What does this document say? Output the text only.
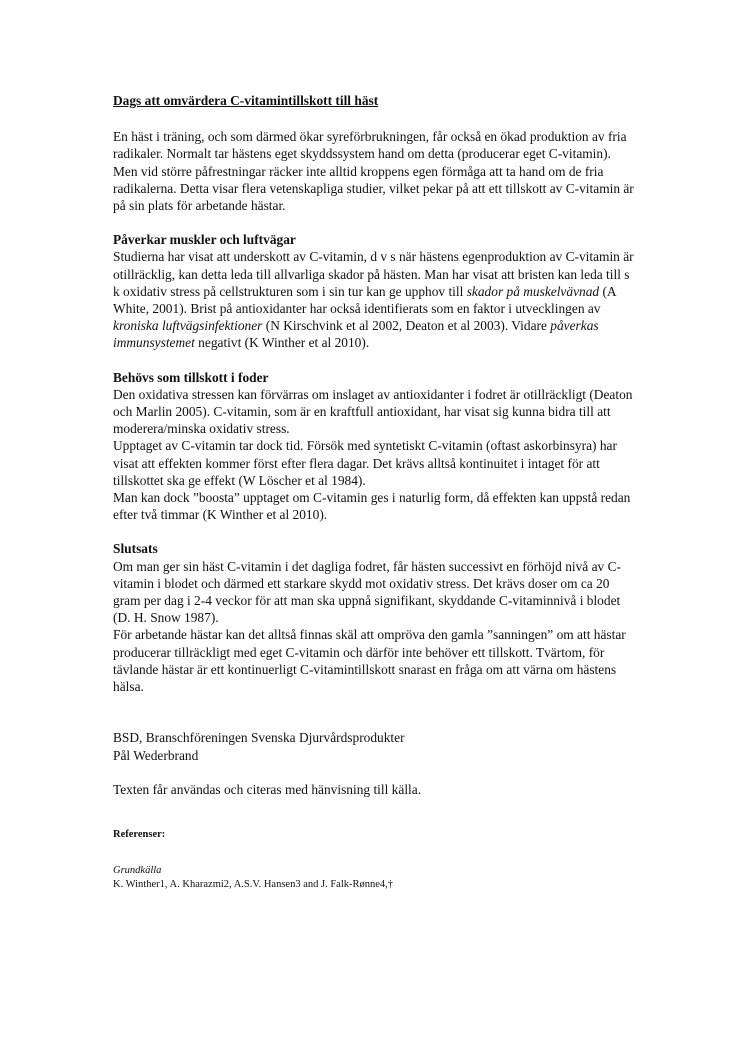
Dags att omvärdera C-vitamintillskott till häst

En häst i träning, och som därmed ökar syreförbrukningen, får också en ökad produktion av fria radikaler. Normalt tar hästens eget skyddssystem hand om detta (producerar eget C-vitamin). Men vid större påfrestningar räcker inte alltid kroppens egen förmåga att ta hand om de fria radikalerna. Detta visar flera vetenskapliga studier, vilket pekar på att ett tillskott av C-vitamin är på sin plats för arbetande hästar.

Påverkar muskler och luftvägar

Studierna har visat att underskott av C-vitamin, d v s när hästens egenproduktion av C-vitamin är otillräcklig, kan detta leda till allvarliga skador på hästen. Man har visat att bristen kan leda till s k oxidativ stress på cellstrukturen som i sin tur kan ge upphov till skador på muskelvävnad (A White, 2001). Brist på antioxidanter har också identifierats som en faktor i utvecklingen av kroniska luftvägsinfektioner (N Kirschvink et al 2002, Deaton et al 2003). Vidare påverkas immunsystemet negativt (K Winther et al 2010).

Behövs som tillskott i foder

Den oxidativa stressen kan förvärras om inslaget av antioxidanter i fodret är otillräckligt (Deaton och Marlin 2005). C-vitamin, som är en kraftfull antioxidant, har visat sig kunna bidra till att moderera/minska oxidativ stress.

Upptaget av C-vitamin tar dock tid. Försök med syntetiskt C-vitamin (oftast askorbinsyra) har visat att effekten kommer först efter flera dagar. Det krävs alltså kontinuitet i intaget för att tillskottet ska ge effekt (W Löscher et al 1984).

Man kan dock ”boosta” upptaget om C-vitamin ges i naturlig form, då effekten kan uppstå redan efter två timmar (K Winther et al 2010).

Slutsats

Om man ger sin häst C-vitamin i det dagliga fodret, får hästen successivt en förhöjd nivå av C-vitamin i blodet och därmed ett starkare skydd mot oxidativ stress. Det krävs doser om ca 20 gram per dag i 2-4 veckor för att man ska uppnå signifikant, skyddande C-vitaminnivå i blodet (D. H. Snow 1987).

För arbetande hästar kan det alltså finnas skäl att ompröva den gamla ”sanningen” om att hästar producerar tillräckligt med eget C-vitamin och därför inte behöver ett tillskott. Tvärtom, för tävlande hästar är ett kontinuerligt C-vitamintillskott snarast en fråga om att värna om hästens hälsa.

BSD, Branschföreningen Svenska Djurvårdsprodukter

Pål Wederbrand

Texten får användas och citeras med hänvisning till källa.

Referenser:

Grundkälla

K. Winther1, A. Kharazmi2, A.S.V. Hansen3 and J. Falk-Rønne4,†
